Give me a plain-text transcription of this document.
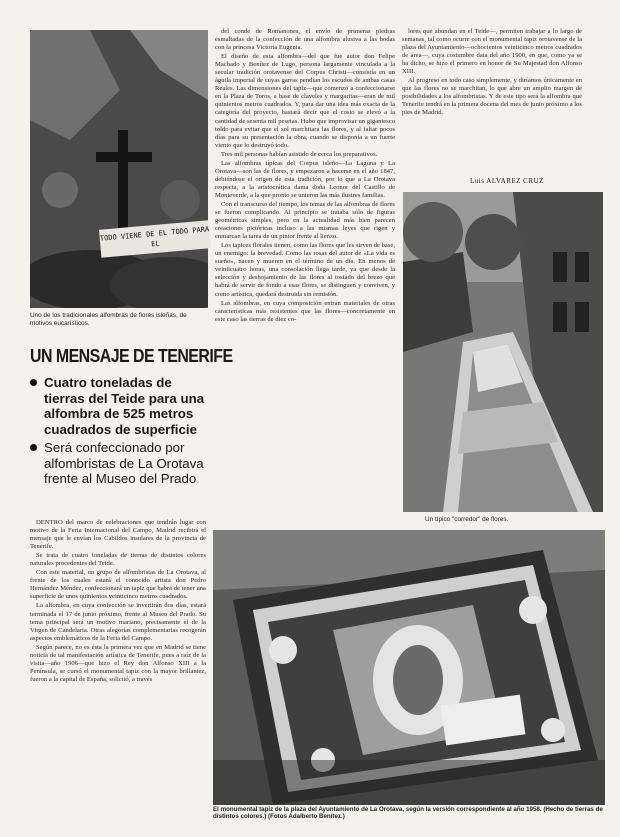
TODO VIENE DE EL TODO PARA EL
Uno de los tradicionales alfombras de flores isleñas, de motivos eucarísticos.
UN MENSAJE DE TENERIFE
Cuatro toneladas de tierras del Teide para una alfombra de 525 metros cuadrados de superficie
Será confeccionado por alfombristas de La Orotava frente al Museo del Prado

DENTRO del marco de celebraciones que tendrán lugar con motivo de la Feria Internacional del Campo, Madrid recibirá el mensaje que le envían los Cabildos insulares de la provincia de Tenerife.

Se trata de cuatro toneladas de tierras de distintos colores naturales procedentes del Teide.

Con este material, un grupo de alfombristas de La Orotava, al frente de los cuales estará el conocido artista don Pedro Hernández Méndez, confeccionará un tapiz que habrá de tener una superficie de unos quinientos veinticinco metros cuadrados.

La alfombra, en cuya confección se invertirán dos días, estará terminada el 17 de junio próximo, frente al Museo del Prado. Su tema principal será un motivo mariano, precisamente el de la Virgen de Candelaria. Otras alegorías complementarias recogerán aspectos emblemáticos de la Feria del Campo.

Según parece, no es ésta la primera vez que en Madrid se tiene noticia de tal manifestación artística de Tenerife, pues a raíz de la visita—año 1906—que hizo el Rey don Alfonso XIII a la Península, se cursó el monumental tapiz con la mayor brillantez, fueron a la capital de España, solicitó, a través

del conde de Romanones, el envío de primeras piedras esmaltadas de la confección de una alfombra alusiva a las bodas con la princesa Victoria Eugenia.

El diseño de esta alfombra—del que fue autor don Felipe Machado y Benítez de Lugo, persona largamente vinculada a la secular tradición orotavense del Corpus Christi—consistía en un águila imperial de cuyas garras pendían los escudos de ambas casas Reales. Las dimensiones del tapiz—que comenzó a confeccionarse en la Plaza de Toros, a base de claveles y margaritas—eran de mil quinientos metros cuadrados. Y, para dar una idea más exacta de la categoría del proyecto, bastará decir que el costo se elevó a la cantidad de sesenta mil pesetas. Hubo que improvisar un gigantesco toldo para evitar que el sol marchitara las flores, y al faltar pocos días para su presentación la obra, cuando se disponía a un fuerte viento que lo destruyó todo.

Tres mil personas habían asistido de cerca los preparativos.

Las alfombras típicas del Corpus isleño—La Laguna y La Orotava—son las de flores, y empezaron a hacerse en el año 1847, debiéndose el origen de esta tradición, por lo que a La Orotava respecta, a la aristocrática dama doña Leonor del Castillo de Monteverde, a la que pronto se unieron las más ilustres familias.

Con el transcurso del tiempo, los temas de las alfombras de flores se fueron complicando. Al principio se trataba sólo de figuras geométricas simples, pero en la actualidad más bien parecen creaciones pictóricas incluso a las mismas leyes que rigen y enmarcan la tarea de un pintor frente al lienzo.

Los tapices florales tienen, como las flores que les sirven de base, un enemigo: la brevedad. Como las rosas del autor de «La vida es sueño», nacen y mueren en el término de un día. En menos de veinticuatro horas, una consolación llega tarde, ya que desde la selección y deshojamiento de las flores al tostado del brezo que habrá de servir de fondo a esas flores, se distinguen y conviven, y como artística, quedará destruida sin remisión.

Las alfombras, en cuya composición entran materiales de otras características más resistentes que las flores—concretamente en este caso las tierras de diez co-

lores que abundan en el Teide—, permiten trabajar a lo largo de semanas, tal como ocurre con el monumental tapiz orotavense de la plaza del Ayuntamiento—ochocientos veinticinco metros cuadrados de área—, cuya costumbre data del año 1900, en que, como ya se ha dicho, se hizo el primero en honor de Su Majestad don Alfonso XIII.

Al progreso en todo caso simplemente, y diríamos únicamente en que las flores no se marchitan, lo que abre un amplio margen de posibilidades a los alfombristas. Y de este tipo será la alfombra que Tenerife tendrá en la primera docena del mes de junio próximo a los pies de Madrid.

Luis ALVAREZ CRUZ
Un típico "corredor" de flores.
El monumental tapiz de la plaza del Ayuntamiento de La Orotava, según la versión correspondiente al año 1958. (Hecho de tierras de distintos colores.) (Fotos Adalberto Benítez.)
